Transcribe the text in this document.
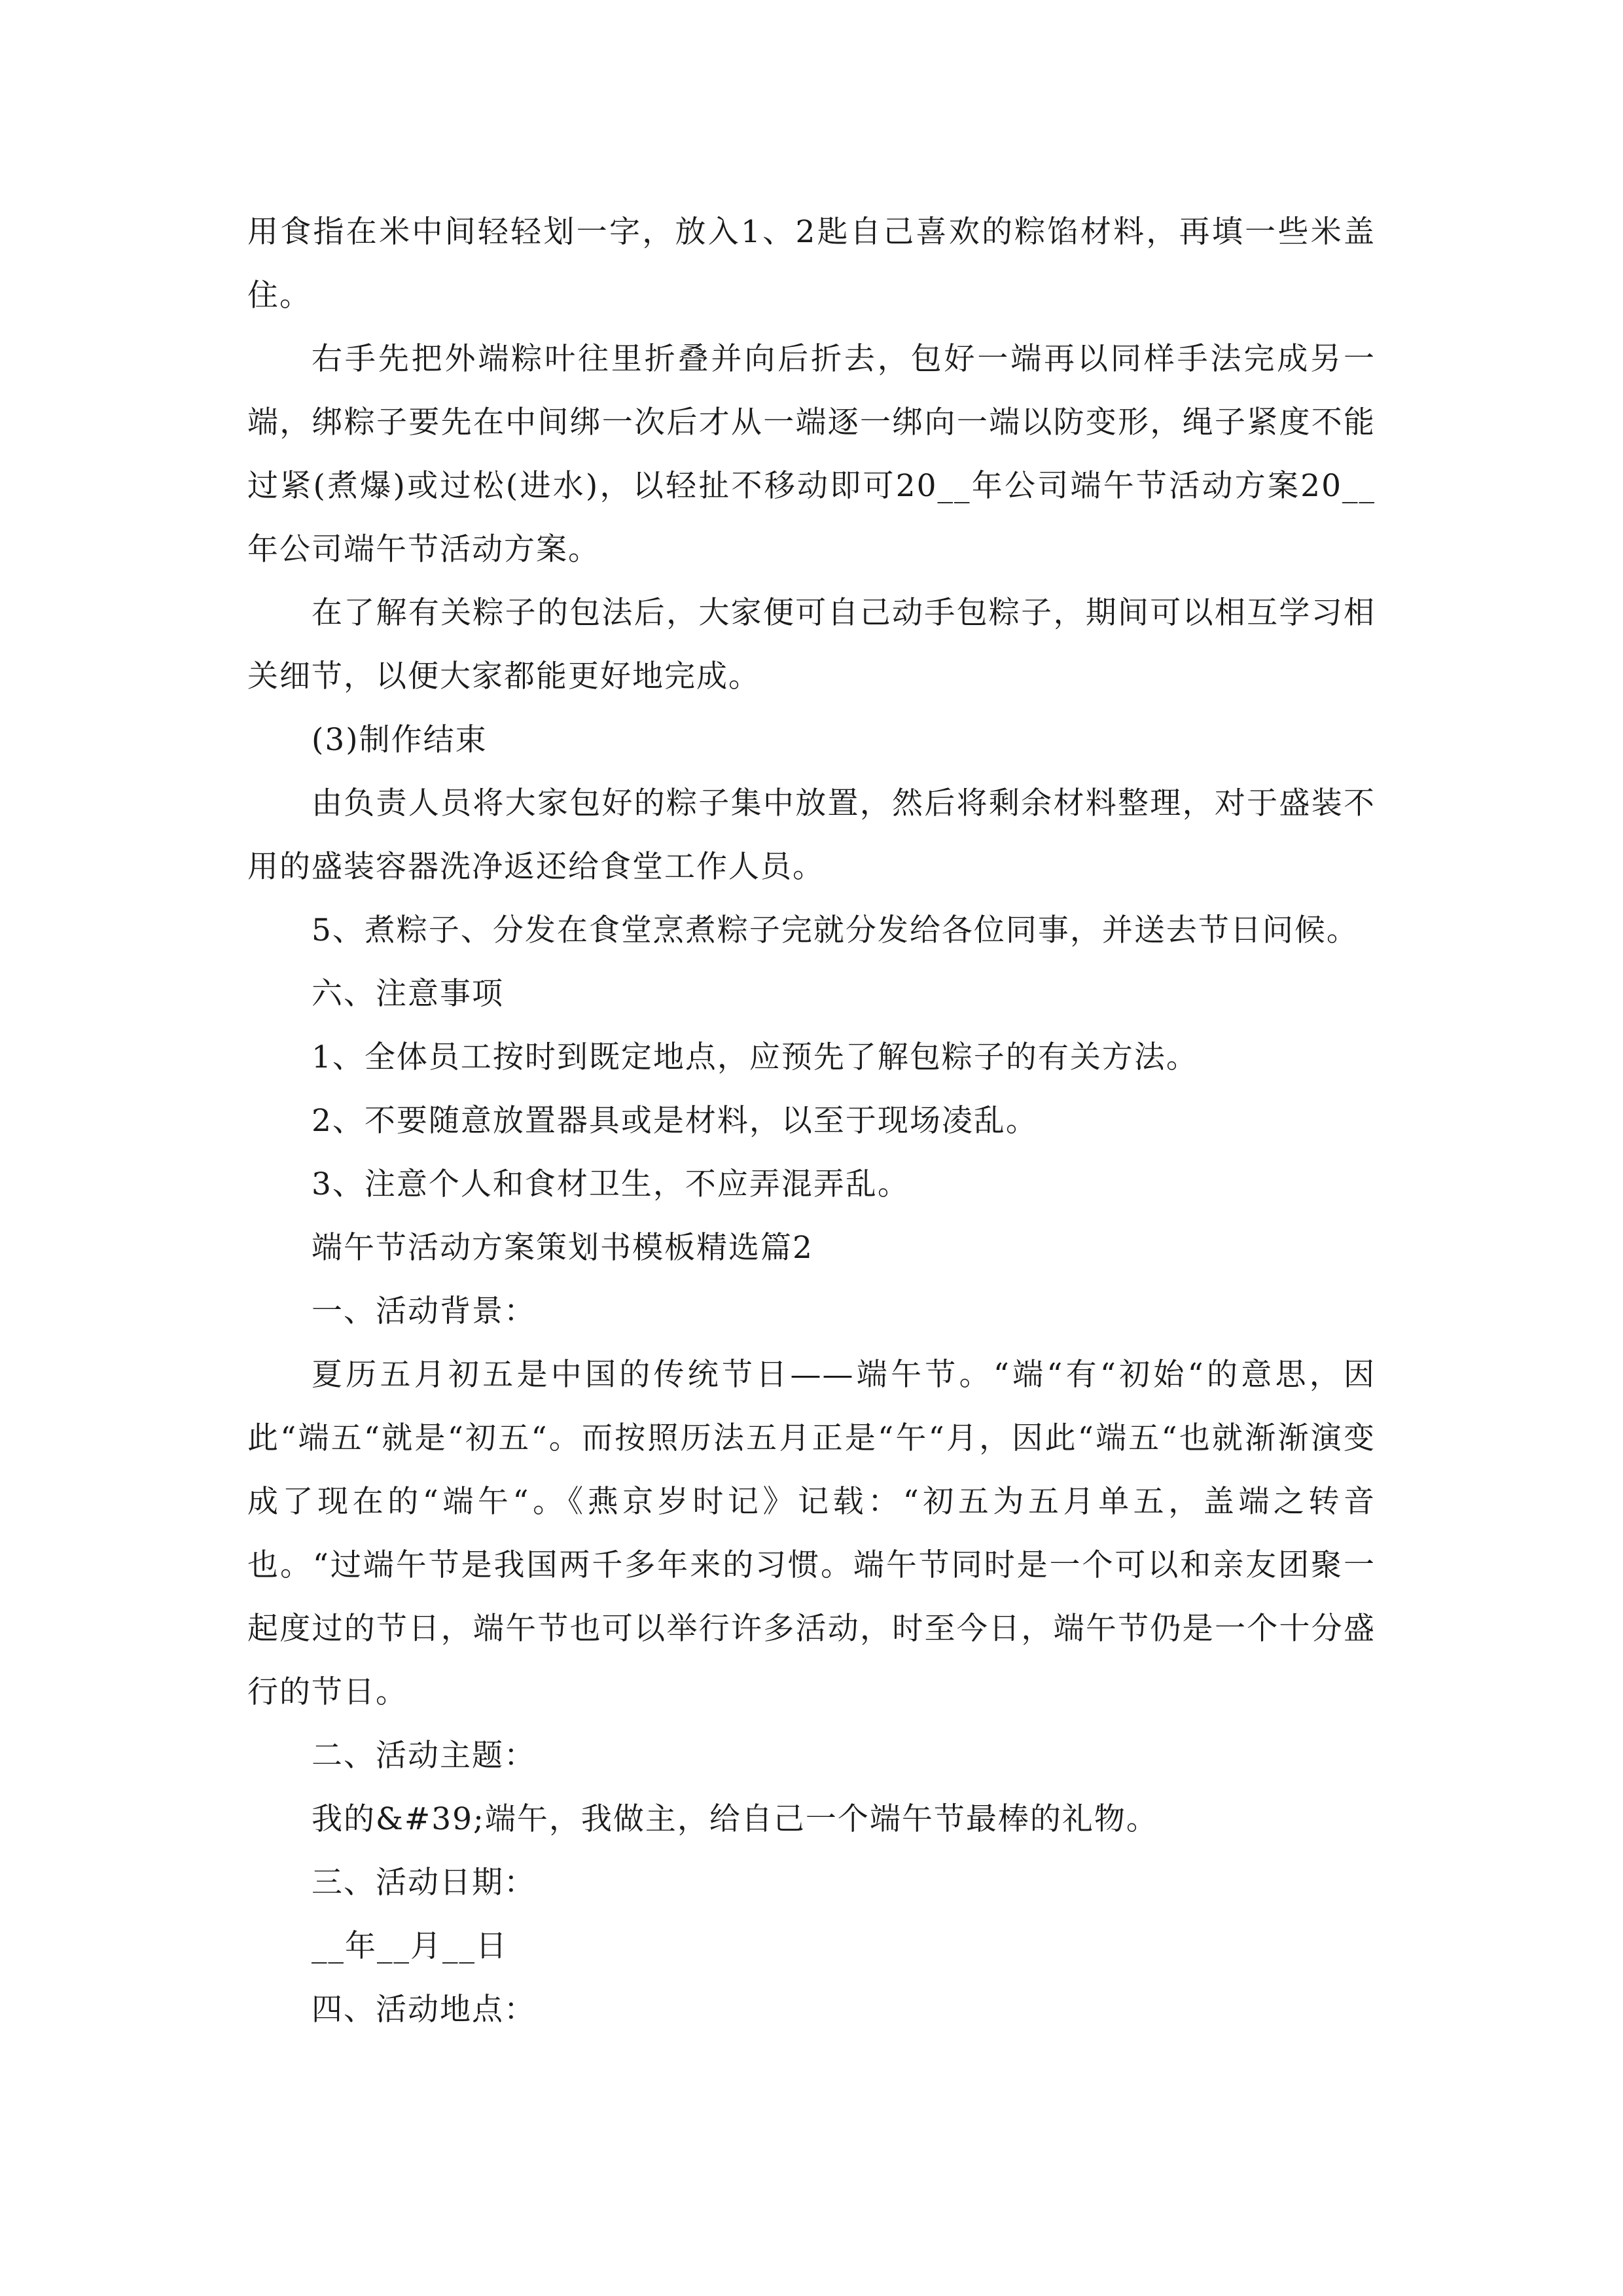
用食指在米中间轻轻划一字，放入1、2匙自己喜欢的粽馅材料，再填一些米盖住。

右手先把外端粽叶往里折叠并向后折去，包好一端再以同样手法完成另一端，绑粽子要先在中间绑一次后才从一端逐一绑向一端以防变形，绳子紧度不能过紧(煮爆)或过松(进水)，以轻扯不移动即可20__年公司端午节活动方案20__年公司端午节活动方案。

在了解有关粽子的包法后，大家便可自己动手包粽子，期间可以相互学习相关细节，以便大家都能更好地完成。

(3)制作结束

由负责人员将大家包好的粽子集中放置，然后将剩余材料整理，对于盛装不用的盛装容器洗净返还给食堂工作人员。

5、煮粽子、分发在食堂烹煮粽子完就分发给各位同事，并送去节日问候。

六、注意事项

1、全体员工按时到既定地点，应预先了解包粽子的有关方法。

2、不要随意放置器具或是材料，以至于现场凌乱。

3、注意个人和食材卫生，不应弄混弄乱。

端午节活动方案策划书模板精选篇2

一、活动背景：

夏历五月初五是中国的传统节日——端午节。“端“有“初始“的意思，因此“端五“就是“初五“。而按照历法五月正是“午“月，因此“端五“也就渐渐演变成了现在的“端午“。《燕京岁时记》记载：“初五为五月单五，盖端之转音也。“过端午节是我国两千多年来的习惯。端午节同时是一个可以和亲友团聚一起度过的节日，端午节也可以举行许多活动，时至今日，端午节仍是一个十分盛行的节日。

二、活动主题：

我的&#39;端午，我做主，给自己一个端午节最棒的礼物。

三、活动日期：

__年__月__日

四、活动地点：
